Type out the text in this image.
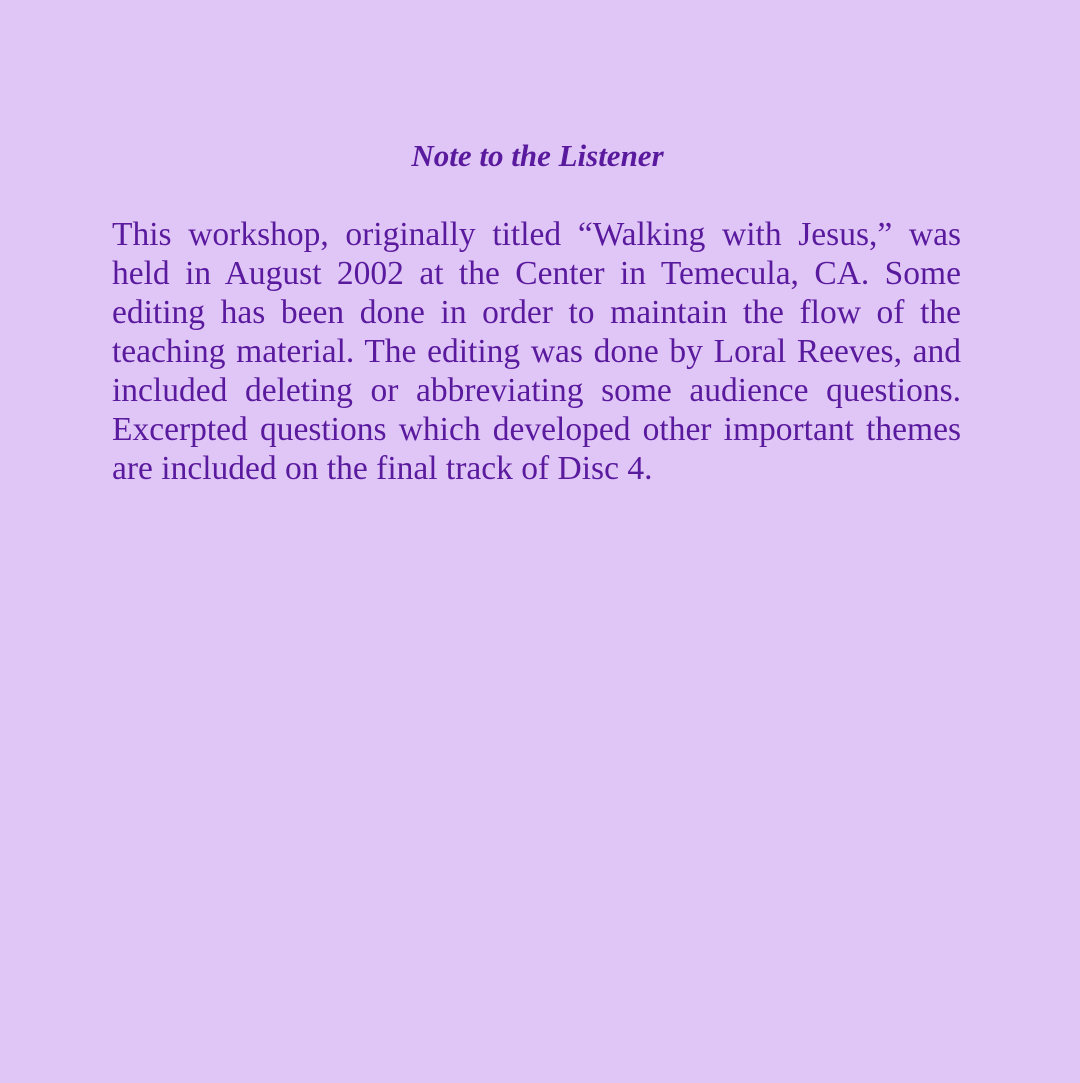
Note to the Listener

This workshop, originally titled “Walking with Jesus,” was held in August 2002 at the Center in Temecula, CA. Some editing has been done in order to maintain the flow of the teaching material. The editing was done by Loral Reeves, and included deleting or abbreviating some audience questions. Excerpted questions which developed other important themes are included on the final track of Disc 4.
